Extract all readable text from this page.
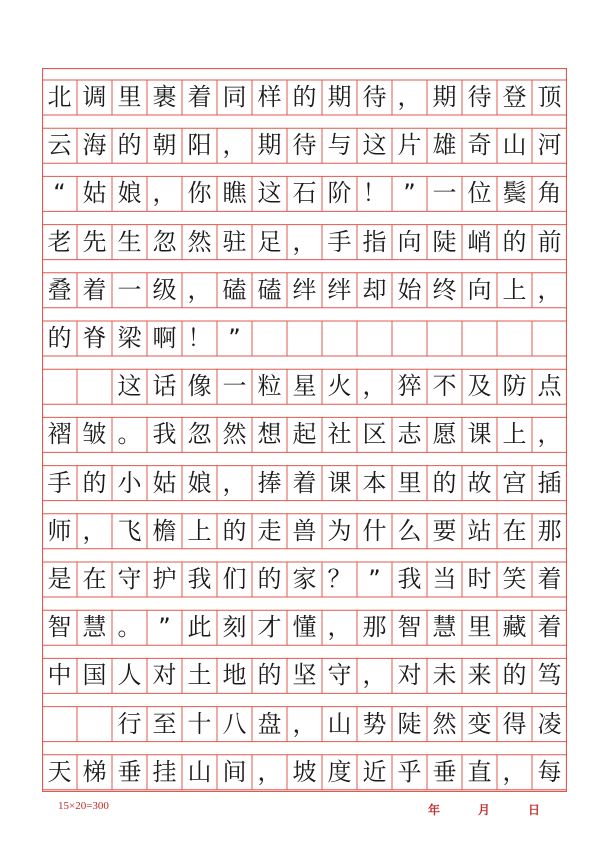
北 调 里 裹 着 同 样 的 期 待 ， 期 待 登 顶
云 海 的 朝 阳 ， 期 待 与 这 片 雄 奇 山 河
“ 姑 娘 ， 你 瞧 这 石 阶 ！ ” 一 位 鬓 角
老 先 生 忽 然 驻 足 ， 手 指 向 陡 峭 的 前
叠 着 一 级 ， 磕 磕 绊 绊 却 始 终 向 上 ，
的 脊 梁 啊 ！ ”

这 话 像 一 粒 星 火 ， 猝 不 及 防 点
褶 皱 。 我 忽 然 想 起 社 区 志 愿 课 上 ，
手 的 小 姑 娘 ， 捧 着 课 本 里 的 故 宫 插
师 ， 飞 檐 上 的 走 兽 为 什 么 要 站 在 那
是 在 守 护 我 们 的 家 ？ ” 我 当 时 笑 着
智 慧 。 ” 此 刻 才 懂 ， 那 智 慧 里 藏 着
中 国 人 对 土 地 的 坚 守 ， 对 未 来 的 笃

行 至 十 八 盘 ， 山 势 陡 然 变 得 凌
天 梯 垂 挂 山 间 ， 坡 度 近 乎 垂 直 ， 每
15×20=300	年	月	日
